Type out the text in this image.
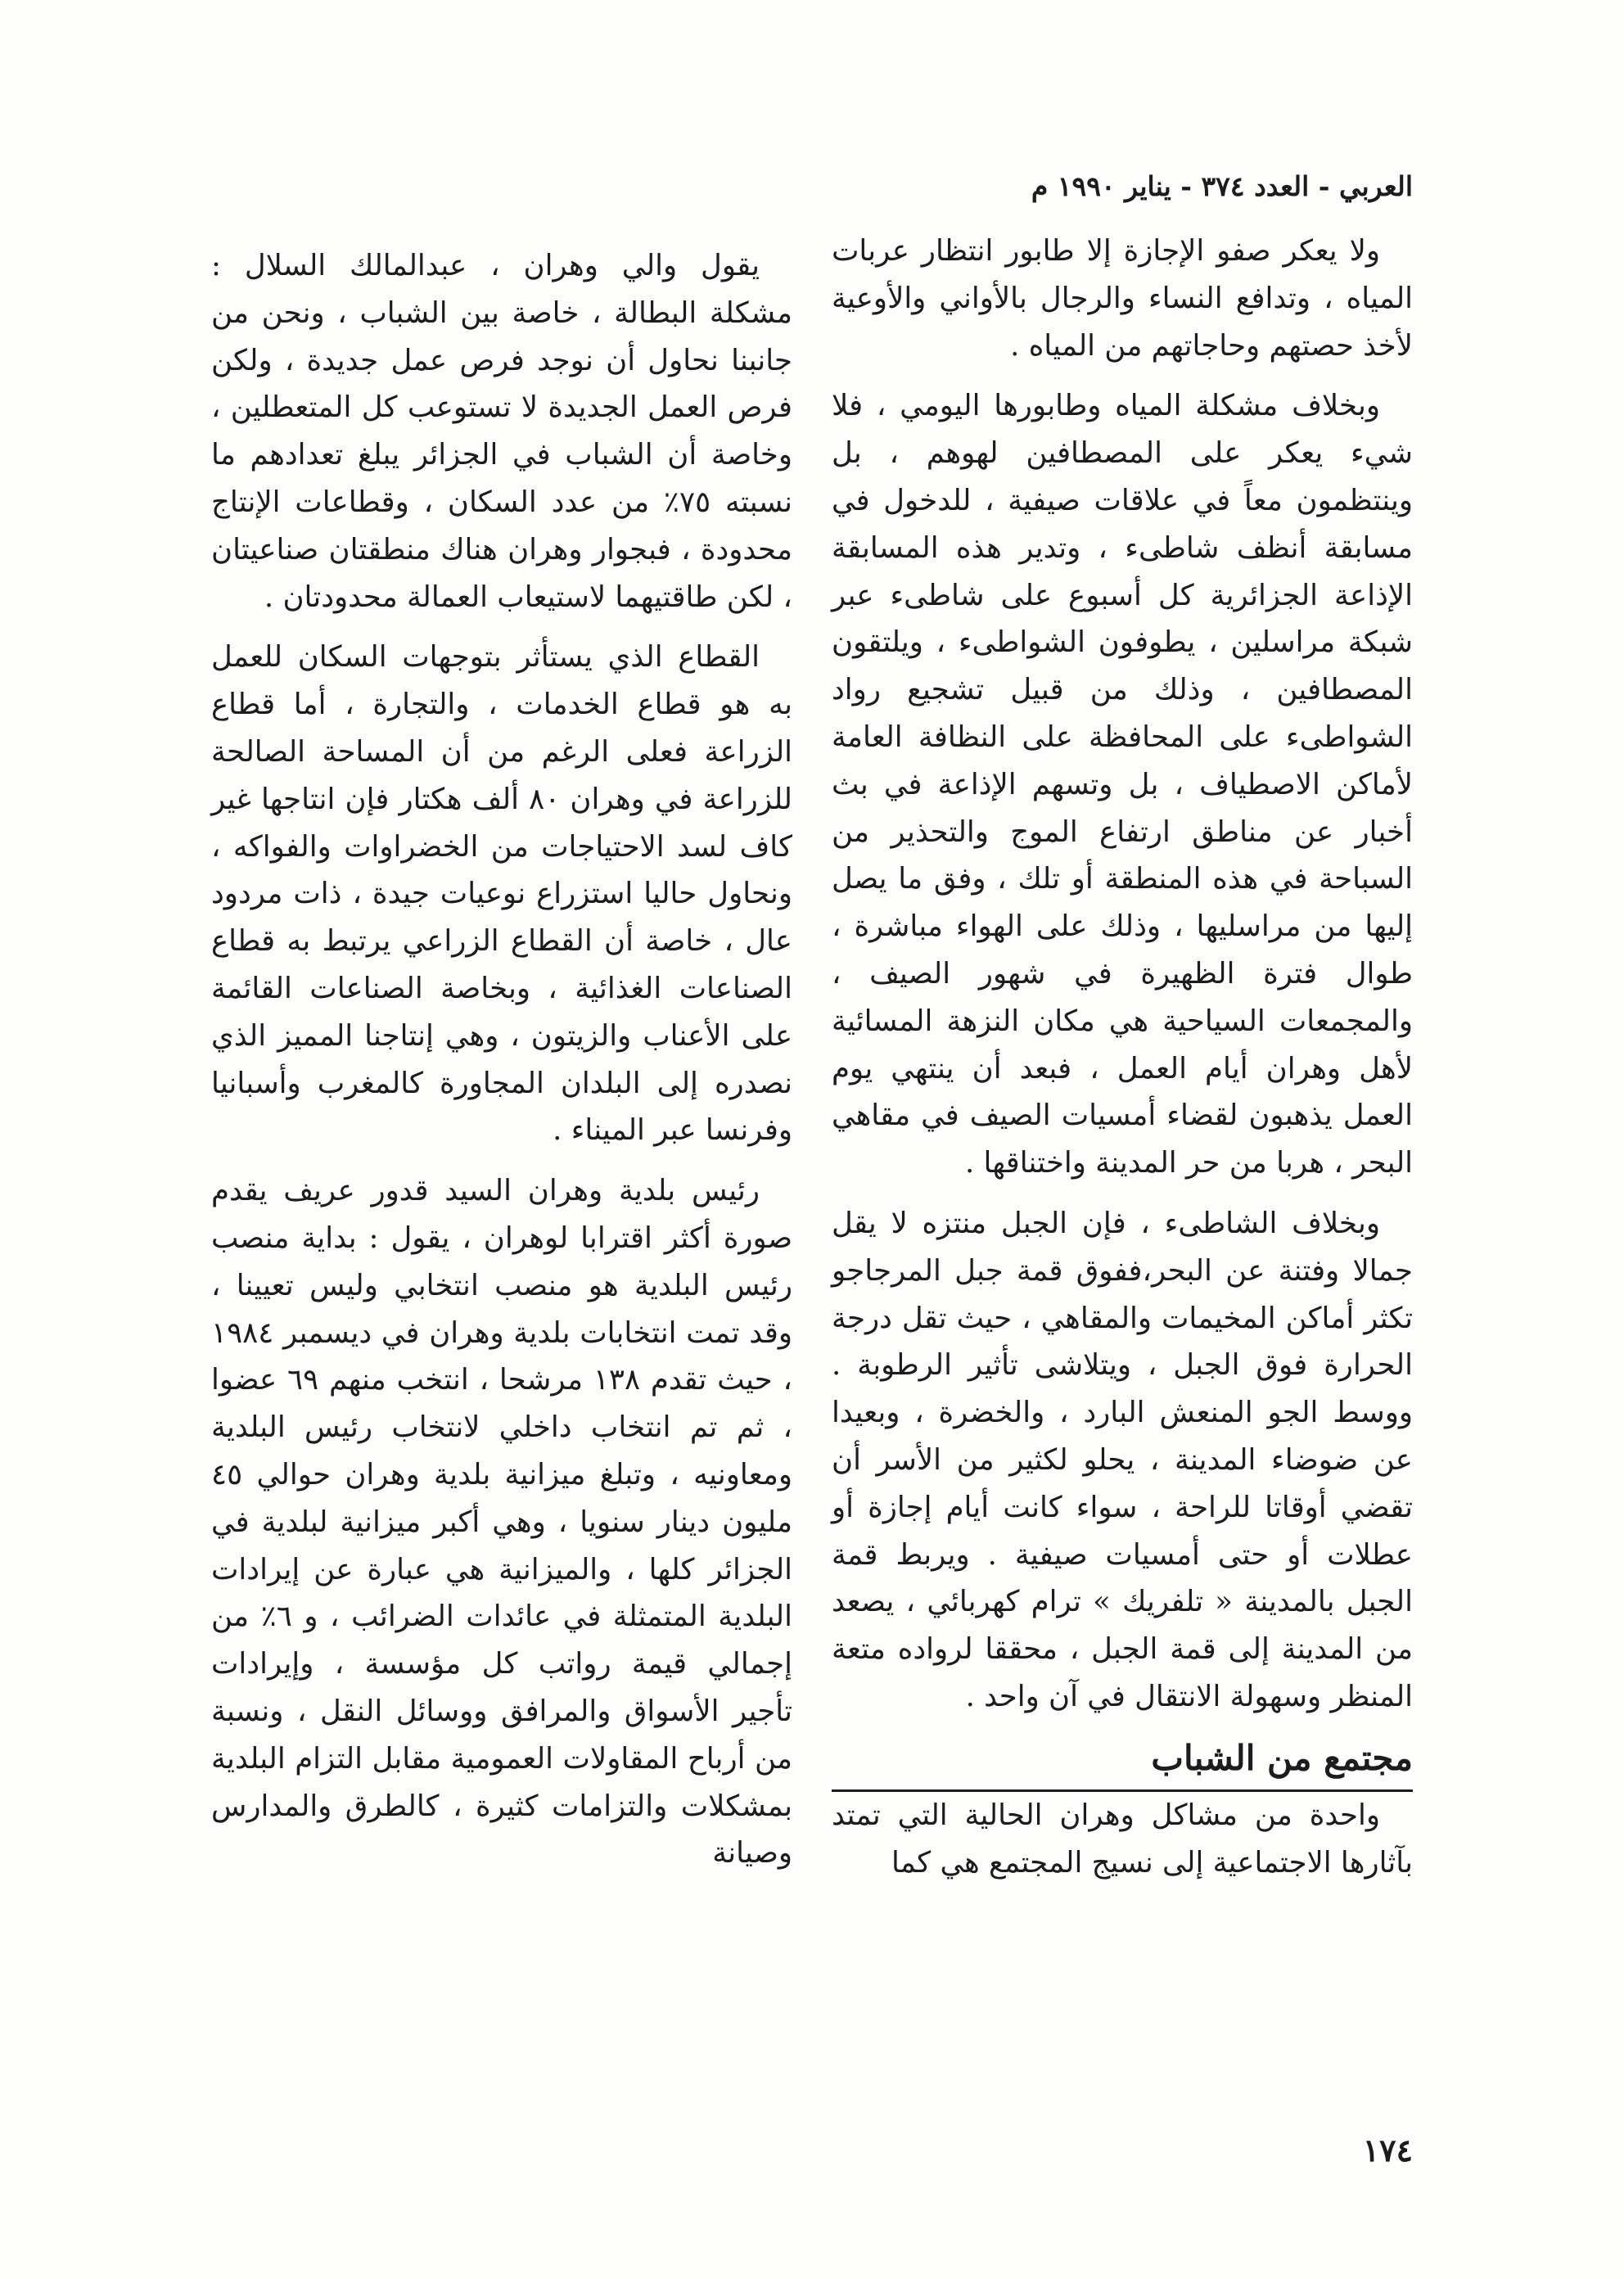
العربي - العدد ٣٧٤ - يناير ١٩٩٠ م

ولا يعكر صفو الإجازة إلا طابور انتظار عربات المياه ، وتدافع النساء والرجال بالأواني والأوعية لأخذ حصتهم وحاجاتهم من المياه .

وبخلاف مشكلة المياه وطابورها اليومي ، فلا شيء يعكر على المصطافين لهوهم ، بل وينتظمون معاً في علاقات صيفية ، للدخول في مسابقة أنظف شاطىء ، وتدير هذه المسابقة الإذاعة الجزائرية كل أسبوع على شاطىء عبر شبكة مراسلين ، يطوفون الشواطىء ، ويلتقون المصطافين ، وذلك من قبيل تشجيع رواد الشواطىء على المحافظة على النظافة العامة لأماكن الاصطياف ، بل وتسهم الإذاعة في بث أخبار عن مناطق ارتفاع الموج والتحذير من السباحة في هذه المنطقة أو تلك ، وفق ما يصل إليها من مراسليها ، وذلك على الهواء مباشرة ، طوال فترة الظهيرة في شهور الصيف ، والمجمعات السياحية هي مكان النزهة المسائية لأهل وهران أيام العمل ، فبعد أن ينتهي يوم العمل يذهبون لقضاء أمسيات الصيف في مقاهي البحر ، هربا من حر المدينة واختناقها .

وبخلاف الشاطىء ، فإن الجبل منتزه لا يقل جمالا وفتنة عن البحر،ففوق قمة جبل المرجاجو تكثر أماكن المخيمات والمقاهي ، حيث تقل درجة الحرارة فوق الجبل ، ويتلاشى تأثير الرطوبة . ووسط الجو المنعش البارد ، والخضرة ، وبعيدا عن ضوضاء المدينة ، يحلو لكثير من الأسر أن تقضي أوقاتا للراحة ، سواء كانت أيام إجازة أو عطلات أو حتى أمسيات صيفية . ويربط قمة الجبل بالمدينة « تلفريك » ترام كهربائي ، يصعد من المدينة إلى قمة الجبل ، محققا لرواده متعة المنظر وسهولة الانتقال في آن واحد .

مجتمع من الشباب

واحدة من مشاكل وهران الحالية التي تمتد بآثارها الاجتماعية إلى نسيج المجتمع هي كما

يقول والي وهران ، عبدالمالك السلال : مشكلة البطالة ، خاصة بين الشباب ، ونحن من جانبنا نحاول أن نوجد فرص عمل جديدة ، ولكن فرص العمل الجديدة لا تستوعب كل المتعطلين ، وخاصة أن الشباب في الجزائر يبلغ تعدادهم ما نسبته ٧٥٪ من عدد السكان ، وقطاعات الإنتاج محدودة ، فبجوار وهران هناك منطقتان صناعيتان ، لكن طاقتيهما لاستيعاب العمالة محدودتان .

القطاع الذي يستأثر بتوجهات السكان للعمل به هو قطاع الخدمات ، والتجارة ، أما قطاع الزراعة فعلى الرغم من أن المساحة الصالحة للزراعة في وهران ٨٠ ألف هكتار فإن انتاجها غير كاف لسد الاحتياجات من الخضراوات والفواكه ، ونحاول حاليا استزراع نوعيات جيدة ، ذات مردود عال ، خاصة أن القطاع الزراعي يرتبط به قطاع الصناعات الغذائية ، وبخاصة الصناعات القائمة على الأعناب والزيتون ، وهي إنتاجنا المميز الذي نصدره إلى البلدان المجاورة كالمغرب وأسبانيا وفرنسا عبر الميناء .

رئيس بلدية وهران السيد قدور عريف يقدم صورة أكثر اقترابا لوهران ، يقول : بداية منصب رئيس البلدية هو منصب انتخابي وليس تعيينا ، وقد تمت انتخابات بلدية وهران في ديسمبر ١٩٨٤ ، حيث تقدم ١٣٨ مرشحا ، انتخب منهم ٦٩ عضوا ، ثم تم انتخاب داخلي لانتخاب رئيس البلدية ومعاونيه ، وتبلغ ميزانية بلدية وهران حوالي ٤٥ مليون دينار سنويا ، وهي أكبر ميزانية لبلدية في الجزائر كلها ، والميزانية هي عبارة عن إيرادات البلدية المتمثلة في عائدات الضرائب ، و ٦٪ من إجمالي قيمة رواتب كل مؤسسة ، وإيرادات تأجير الأسواق والمرافق ووسائل النقل ، ونسبة من أرباح المقاولات العمومية مقابل التزام البلدية بمشكلات والتزامات كثيرة ، كالطرق والمدارس وصيانة

١٧٤
